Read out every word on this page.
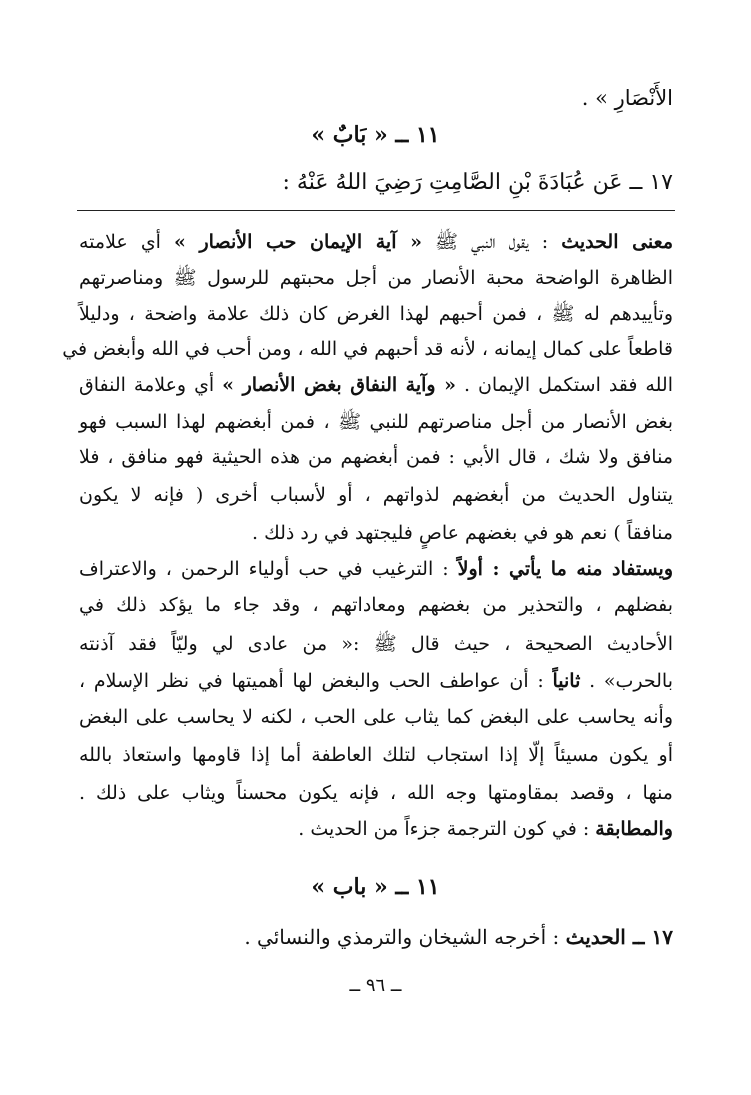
الأَنْصَارِ » .
١١ ــ « بَابٌ »
١٧ ــ عَن عُبَادَةَ بْنِ الصَّامِتِ رَضِيَ اللهُ عَنْهُ :
معنى الحديث : يقول النبي ﷺ « آية الإيمان حب الأنصار » أي علامته
الظاهرة الواضحة محبة الأنصار من أجل محبتهم للرسول ﷺ ومناصرتهم
وتأييدهم له ﷺ ، فمن أحبهم لهذا الغرض كان ذلك علامة واضحة ، ودليلاً
قاطعاً على كمال إيمانه ، لأنه قد أحبهم في الله ، ومن أحب في الله وأبغض في
الله فقد استكمل الإيمان . « وآية النفاق بغض الأنصار » أي وعلامة النفاق
بغض الأنصار من أجل مناصرتهم للنبي ﷺ ، فمن أبغضهم لهذا السبب فهو
منافق ولا شك ، قال الأبي : فمن أبغضهم من هذه الحيثية فهو منافق ، فلا
يتناول الحديث من أبغضهم لذواتهم ، أو لأسباب أخرى ( فإنه لا يكون
منافقاً ) نعم هو في بغضهم عاصٍ فليجتهد في رد ذلك .
ويستفاد منه ما يأتي : أولاً : الترغيب في حب أولياء الرحمن ، والاعتراف
بفضلهم ، والتحذير من بغضهم ومعاداتهم ، وقد جاء ما يؤكد ذلك في
الأحاديث الصحيحة ، حيث قال ﷺ :« من عادى لي وليّاً فقد آذنته
بالحرب» . ثانياً : أن عواطف الحب والبغض لها أهميتها في نظر الإسلام ،
وأنه يحاسب على البغض كما يثاب على الحب ، لكنه لا يحاسب على البغض
أو يكون مسيئاً إلّا إذا استجاب لتلك العاطفة أما إذا قاومها واستعاذ بالله
منها ، وقصد بمقاومتها وجه الله ، فإنه يكون محسناً ويثاب على ذلك .
والمطابقة : في كون الترجمة جزءاً من الحديث .
١١ ــ « باب »
١٧ ــ الحديث : أخرجه الشيخان والترمذي والنسائي .
ــ ٩٦ ــ
